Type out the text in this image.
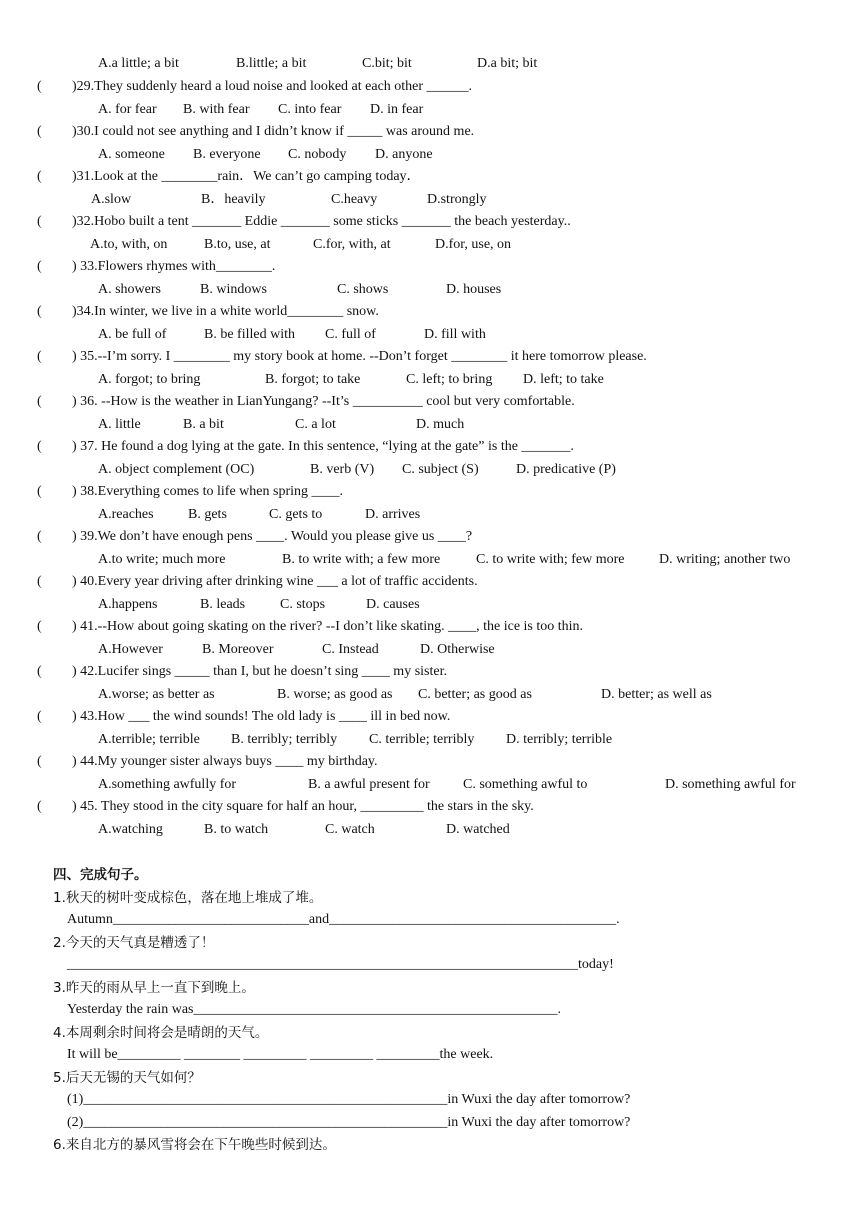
A.a little; a bit	B.little; a bit	C.bit; bit	D.a bit; bit
( )29.They suddenly heard a loud noise and looked at each other ______.
A. for fear B. with fear C. into fear D. in fear
( )30.I could not see anything and I didn’t know if _____ was around me.
A. someone B. everyone C. nobody D. anyone
( )31.Look at the ________rain．We can’t go camping today．
A.slow	B．heavily	C.heavy	D.strongly
( )32.Hobo built a tent _______ Eddie _______ some sticks _______ the beach yesterday..
A.to, with, on	B.to, use, at	C.for, with, at	D.for, use, on
( ) 33.Flowers rhymes with________.
A. showers	B. windows	C. shows	D. houses
( )34.In winter, we live in a white world________ snow.
A. be full of	B. be filled with C. full of	D. fill with
( ) 35.--I’m sorry. I ________ my story book at home. --Don’t forget ________ it here tomorrow please.
A. forgot; to bring	B. forgot; to take	C. left; to bring D. left; to take
( ) 36. --How is the weather in LianYungang? --It’s __________ cool but very comfortable.
A. little	B. a bit	C. a lot	D. much
( ) 37. He found a dog lying at the gate. In this sentence, “lying at the gate” is the _______.
A. object complement (OC)	B. verb (V) C. subject (S)	D. predicative (P)
( ) 38.Everything comes to life when spring ____.
A.reaches B. gets	C. gets to	D. arrives
( ) 39.We don’t have enough pens ____. Would you please give us ____?
A.to write; much more	B. to write with; a few more	C. to write with; few more D. writing; another two
( ) 40.Every year driving after drinking wine ___ a lot of traffic accidents.
A.happens	B. leads C. stops	D. causes
( ) 41.--How about going skating on the river? --I don’t like skating. ____, the ice is too thin.
A.However	B. Moreover	C. Instead	D. Otherwise
( ) 42.Lucifer sings _____ than I, but he doesn’t sing ____ my sister.
A.worse; as better as	B. worse; as good as C. better; as good as	D. better; as well as
( ) 43.How ___ the wind sounds! The old lady is ____ ill in bed now.
A.terrible; terrible B. terribly; terribly C. terrible; terribly D. terribly; terrible
( ) 44.My younger sister always buys ____ my birthday.
A.something awfully for	B. a awful present for C. something awful to	D. something awful for
( ) 45. They stood in the city square for half an hour, _________ the stars in the sky.
A.watching	B. to watch	C. watch	D. watched
四、完成句子。
1.秋天的树叶变成棕色，落在地上堆成了堆。
Autumn____________________________and_________________________________________.
2.今天的天气真是糟透了！
_________________________________________________________________________today!
3.昨天的雨从早上一直下到晚上。
Yesterday the rain was____________________________________________________.
4.本周剩余时间将会是晴朗的天气。
It will be_________ ________ _________ _________ _________the week.
5.后天无锡的天气如何？
(1)____________________________________________________in Wuxi the day after tomorrow?
(2)____________________________________________________in Wuxi the day after tomorrow?
6.来自北方的暴风雪将会在下午晚些时候到达。
